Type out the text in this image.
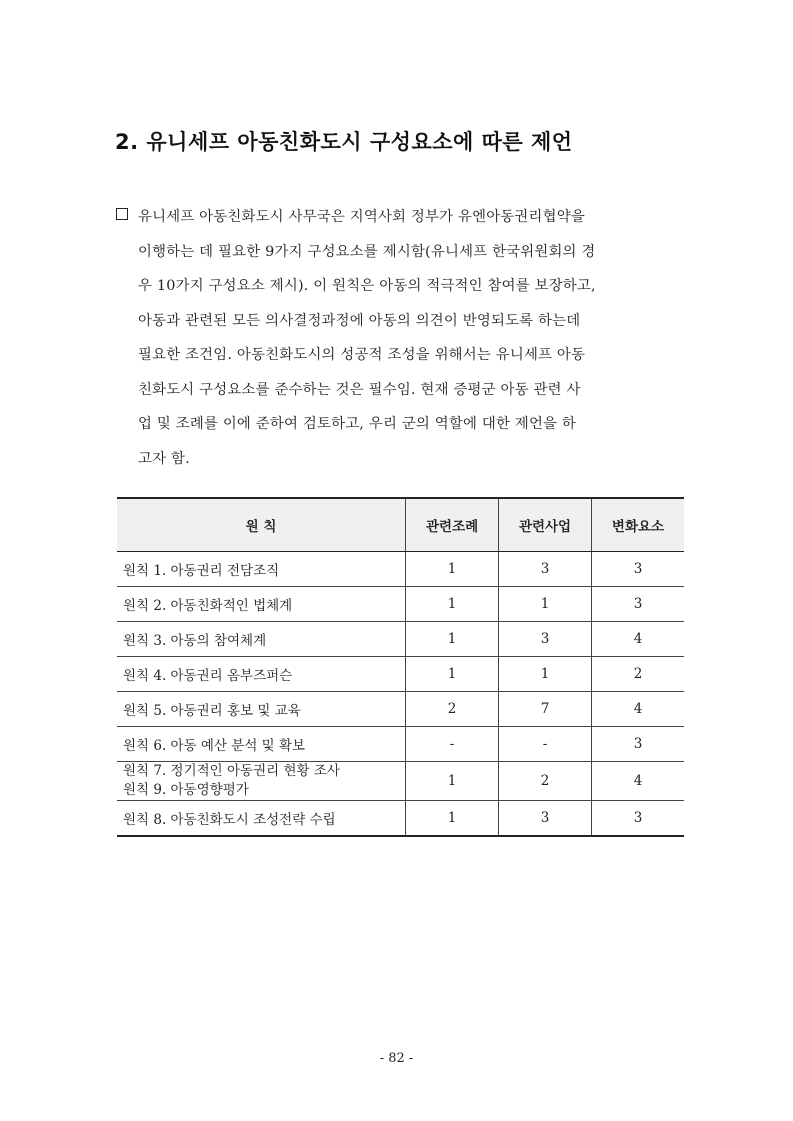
2. 유니세프 아동친화도시 구성요소에 따른 제언

유니세프 아동친화도시 사무국은 지역사회 정부가 유엔아동권리협약을
이행하는 데 필요한 9가지 구성요소를 제시함(유니세프 한국위원회의 경
우 10가지 구성요소 제시). 이 원칙은 아동의 적극적인 참여를 보장하고,
아동과 관련된 모든 의사결정과정에 아동의 의견이 반영되도록 하는데
필요한 조건임. 아동친화도시의 성공적 조성을 위해서는 유니세프 아동
친화도시 구성요소를 준수하는 것은 필수임. 현재 증평군 아동 관련 사
업 및 조례를 이에 준하여 검토하고, 우리 군의 역할에 대한 제언을 하
고자 함.

원 칙	관련조례	관련사업	변화요소
원칙 1. 아동권리 전담조직	1	3	3
원칙 2. 아동친화적인 법체계	1	1	3
원칙 3. 아동의 참여체계	1	3	4
원칙 4. 아동권리 옴부즈퍼슨	1	1	2
원칙 5. 아동권리 홍보 및 교육	2	7	4
원칙 6. 아동 예산 분석 및 확보	-	-	3

원칙 7. 정기적인 아동권리 현황 조사
원칙 9. 아동영향평가	1	2	4
원칙 8. 아동친화도시 조성전략 수립	1	3	3
- 82 -
